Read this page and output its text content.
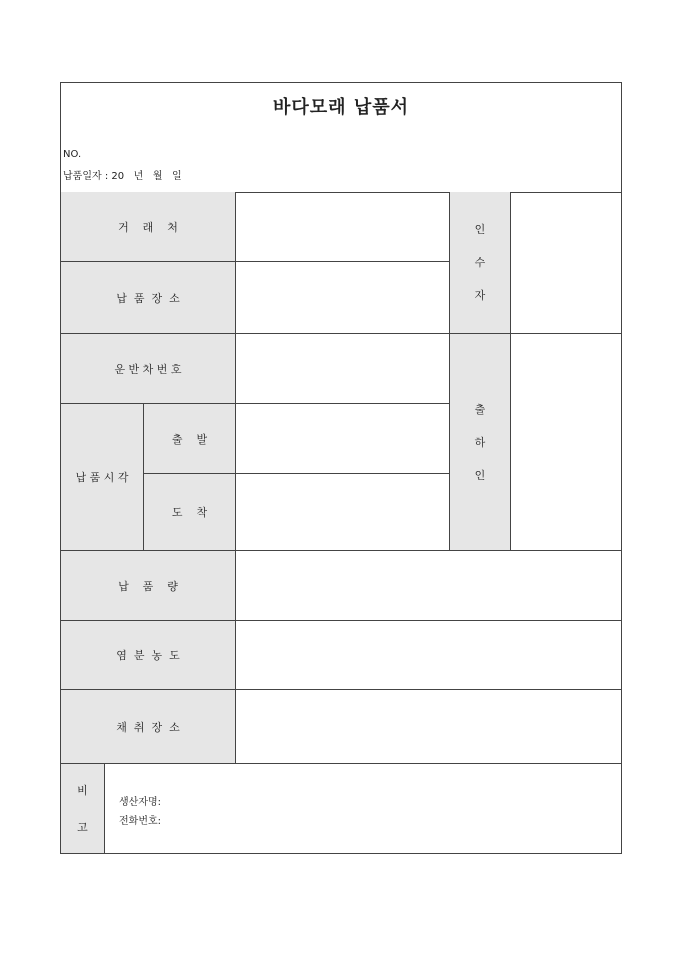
바다모래 납품서
NO.
납품일자 : 20   년   월   일
거    래    처
납  품  장  소
인
수
자
운 반 차 번 호
납 품 시 각
출    발
도    착
출
하
인
납    품    량
염  분  농  도
채  취  장  소
비
고
생산자명:
전화번호:
